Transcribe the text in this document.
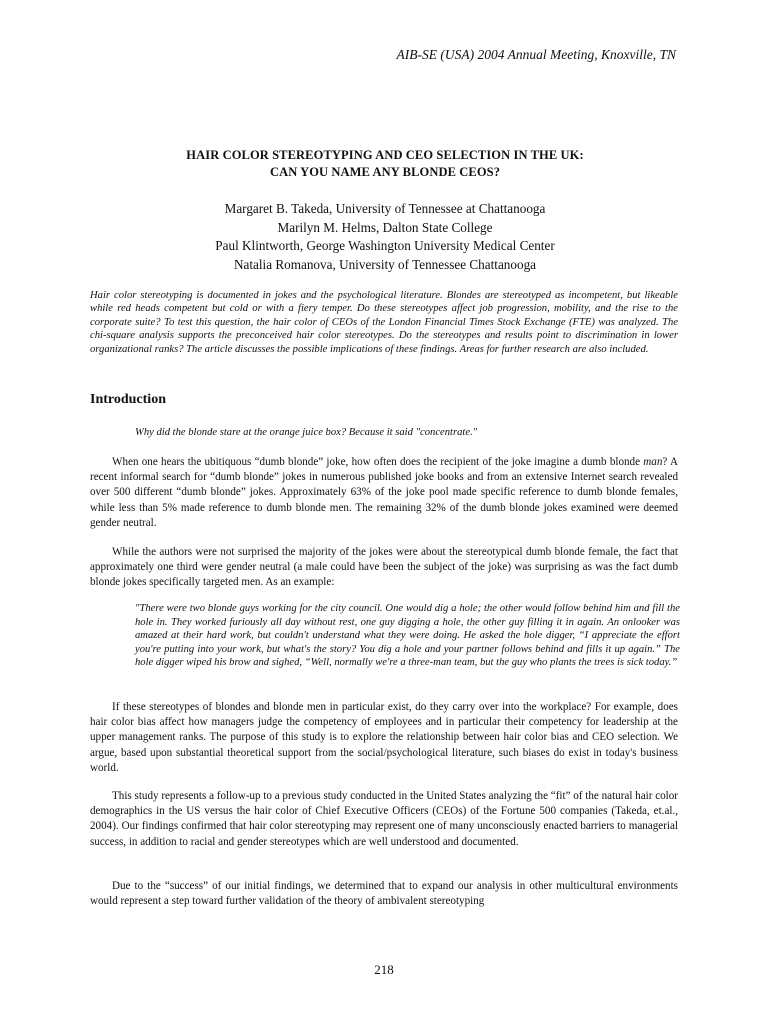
AIB-SE (USA) 2004 Annual Meeting, Knoxville, TN
HAIR COLOR STEREOTYPING AND CEO SELECTION IN THE UK:
CAN YOU NAME ANY BLONDE CEOS?
Margaret B. Takeda, University of Tennessee at Chattanooga
Marilyn M. Helms, Dalton State College
Paul Klintworth, George Washington University Medical Center
Natalia Romanova, University of Tennessee Chattanooga
Hair color stereotyping is documented in jokes and the psychological literature. Blondes are stereotyped as incompetent, but likeable while red heads competent but cold or with a fiery temper. Do these stereotypes affect job progression, mobility, and the rise to the corporate suite? To test this question, the hair color of CEOs of the London Financial Times Stock Exchange (FTE) was analyzed. The chi-square analysis supports the preconceived hair color stereotypes. Do the stereotypes and results point to discrimination in lower organizational ranks? The article discusses the possible implications of these findings. Areas for further research are also included.
Introduction
Why did the blonde stare at the orange juice box? Because it said "concentrate."
When one hears the ubitiquous “dumb blonde” joke, how often does the recipient of the joke imagine a dumb blonde man? A recent informal search for “dumb blonde” jokes in numerous published joke books and from an extensive Internet search revealed over 500 different “dumb blonde” jokes. Approximately 63% of the joke pool made specific reference to dumb blonde females, while less than 5% made reference to dumb blonde men. The remaining 32% of the dumb blonde jokes examined were deemed gender neutral.
While the authors were not surprised the majority of the jokes were about the stereotypical dumb blonde female, the fact that approximately one third were gender neutral (a male could have been the subject of the joke) was surprising as was the fact dumb blonde jokes specifically targeted men. As an example:
"There were two blonde guys working for the city council. One would dig a hole; the other would follow behind him and fill the hole in. They worked furiously all day without rest, one guy digging a hole, the other guy filling it in again. An onlooker was amazed at their hard work, but couldn't understand what they were doing. He asked the hole digger, “I appreciate the effort you're putting into your work, but what's the story? You dig a hole and your partner follows behind and fills it up again.” The hole digger wiped his brow and sighed, “Well, normally we're a three-man team, but the guy who plants the trees is sick today.”
If these stereotypes of blondes and blonde men in particular exist, do they carry over into the workplace? For example, does hair color bias affect how managers judge the competency of employees and in particular their competency for leadership at the upper management ranks. The purpose of this study is to explore the relationship between hair color bias and CEO selection. We argue, based upon substantial theoretical support from the social/psychological literature, such biases do exist in today's business world.
This study represents a follow-up to a previous study conducted in the United States analyzing the “fit” of the natural hair color demographics in the US versus the hair color of Chief Executive Officers (CEOs) of the Fortune 500 companies (Takeda, et.al., 2004). Our findings confirmed that hair color stereotyping may represent one of many unconsciously enacted barriers to managerial success, in addition to racial and gender stereotypes which are well understood and documented.
Due to the “success” of our initial findings, we determined that to expand our analysis in other multicultural environments would represent a step toward further validation of the theory of ambivalent stereotyping
218
